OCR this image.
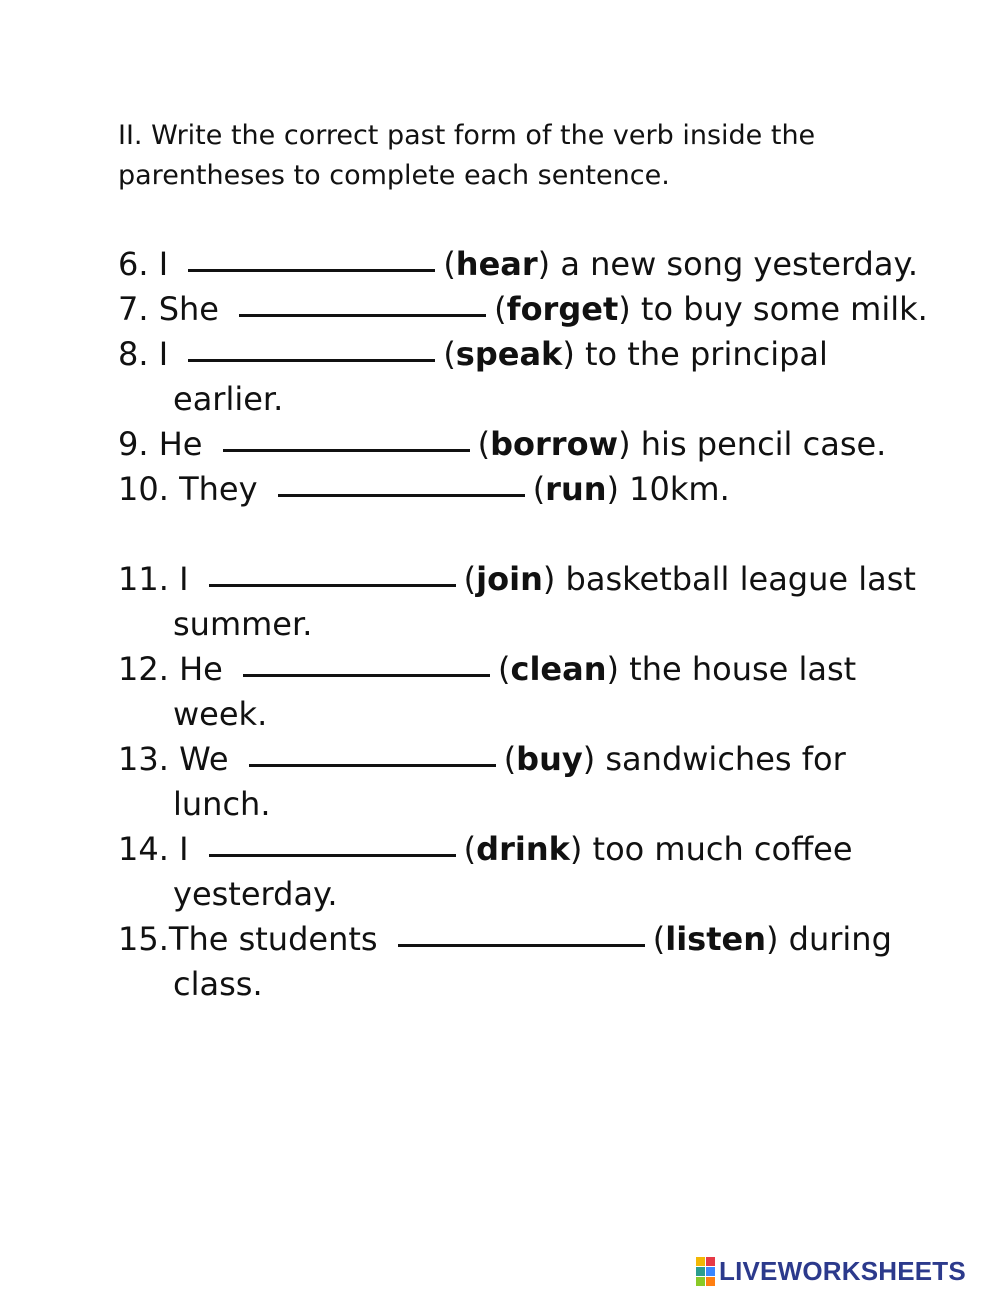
II. Write the correct past form of the verb inside the parentheses to complete each sentence.
6. I	(hear) a new song yesterday.
7. She	(forget) to buy some milk.
8. I	(speak) to the principal earlier.
9. He	(borrow) his pencil case.
10. They	(run) 10km.
11. I	(join) basketball league last summer.
12. He	(clean) the house last week.
13. We	(buy) sandwiches for lunch.
14. I	(drink) too much coffee yesterday.
15.The students	(listen) during class.
LIVEWORKSHEETS
